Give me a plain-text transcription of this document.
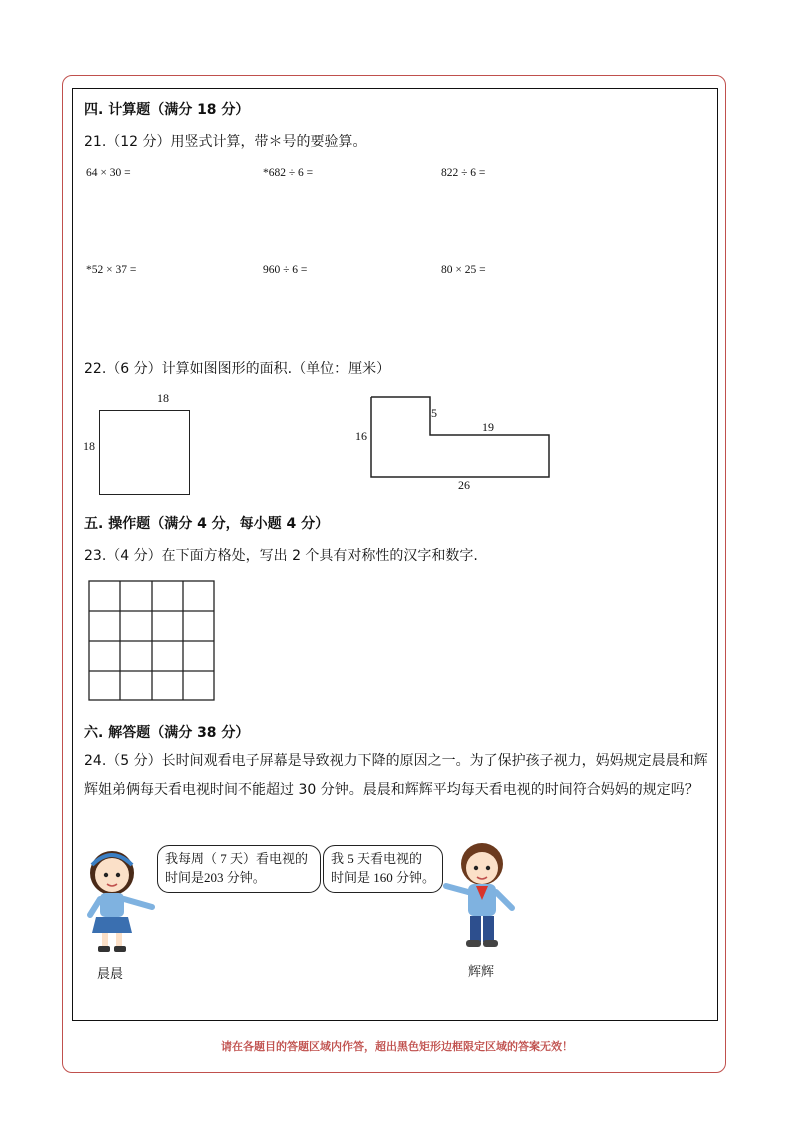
四. 计算题（满分 18 分）
21.（12 分）用竖式计算，带＊号的要验算。
64 × 30 =	*682 ÷ 6 =	822 ÷ 6 =
*52 × 37 =	960 ÷ 6 =	80 × 25 =
22.（6 分）计算如图图形的面积.（单位：厘米）
18
18
5
16
19
26
五. 操作题（满分 4 分，每小题 4 分）
23.（4 分）在下面方格处，写出 2 个具有对称性的汉字和数字.
六. 解答题（满分 38 分）
24.（5 分）长时间观看电子屏幕是导致视力下降的原因之一。为了保护孩子视力，妈妈规定晨晨和辉辉姐弟俩每天看电视时间不能超过 30 分钟。晨晨和辉辉平均每天看电视的时间符合妈妈的规定吗？
晨晨
我每周（ 7 天）看电视的
时间是203 分钟。
我 5 天看电视的
时间是 160 分钟。
辉辉
请在各题目的答题区域内作答，超出黑色矩形边框限定区域的答案无效！
